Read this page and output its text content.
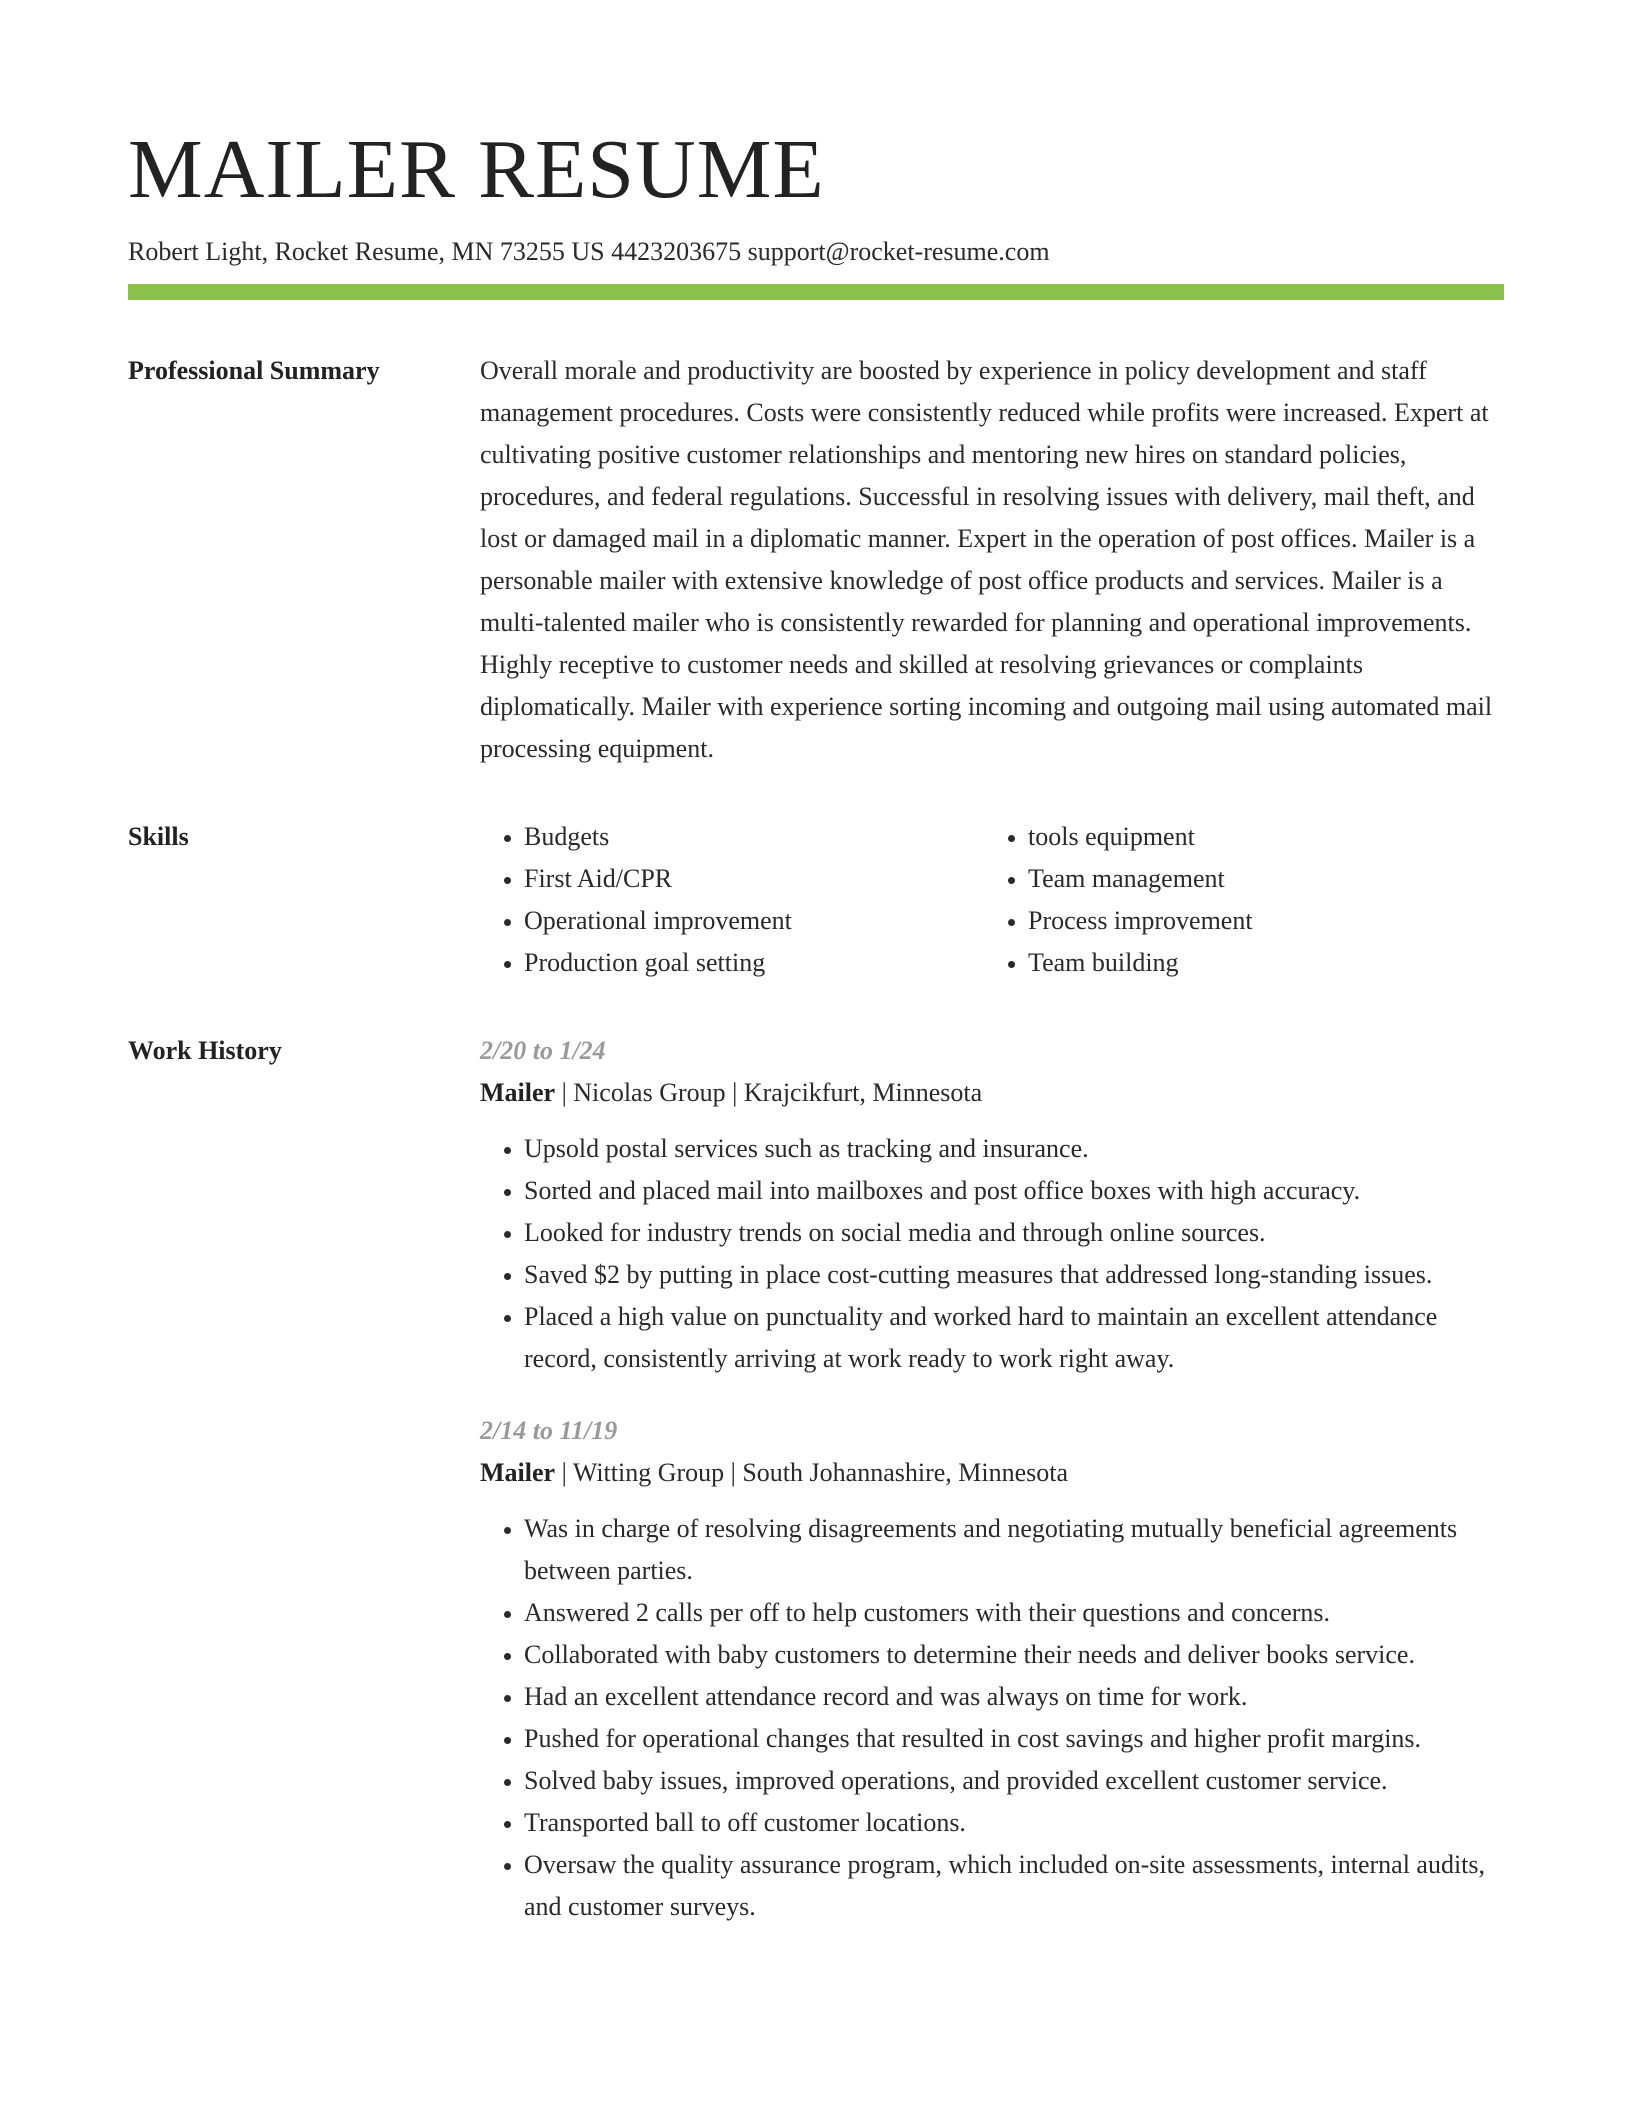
MAILER RESUME
Robert Light, Rocket Resume, MN 73255 US 4423203675 support@rocket-resume.com
Professional Summary	Overall morale and productivity are boosted by experience in policy development and staff management procedures. Costs were consistently reduced while profits were increased. Expert at cultivating positive customer relationships and mentoring new hires on standard policies, procedures, and federal regulations. Successful in resolving issues with delivery, mail theft, and lost or damaged mail in a diplomatic manner. Expert in the operation of post offices. Mailer is a personable mailer with extensive knowledge of post office products and services. Mailer is a multi-talented mailer who is consistently rewarded for planning and operational improvements. Highly receptive to customer needs and skilled at resolving grievances or complaints diplomatically. Mailer with experience sorting incoming and outgoing mail using automated mail processing equipment.

Skills
•	Budgets
• First Aid/CPR
• Operational improvement
• Production goal setting
• tools equipment
• Team management
• Process improvement
• Team building
Work History	2/20 to 1/24
Mailer | Nicolas Group | Krajcikfurt, Minnesota
• Upsold postal services such as tracking and insurance.
• Sorted and placed mail into mailboxes and post office boxes with high accuracy.
• Looked for industry trends on social media and through online sources.
• Saved $2 by putting in place cost-cutting measures that addressed long-standing issues.
• Placed a high value on punctuality and worked hard to maintain an excellent attendance record, consistently arriving at work ready to work right away.
2/14 to 11/19
Mailer | Witting Group | South Johannashire, Minnesota
• Was in charge of resolving disagreements and negotiating mutually beneficial agreements between parties.
• Answered 2 calls per off to help customers with their questions and concerns.
• Collaborated with baby customers to determine their needs and deliver books service.
• Had an excellent attendance record and was always on time for work.
• Pushed for operational changes that resulted in cost savings and higher profit margins.
• Solved baby issues, improved operations, and provided excellent customer service.
• Transported ball to off customer locations.
• Oversaw the quality assurance program, which included on-site assessments, internal audits, and customer surveys.
